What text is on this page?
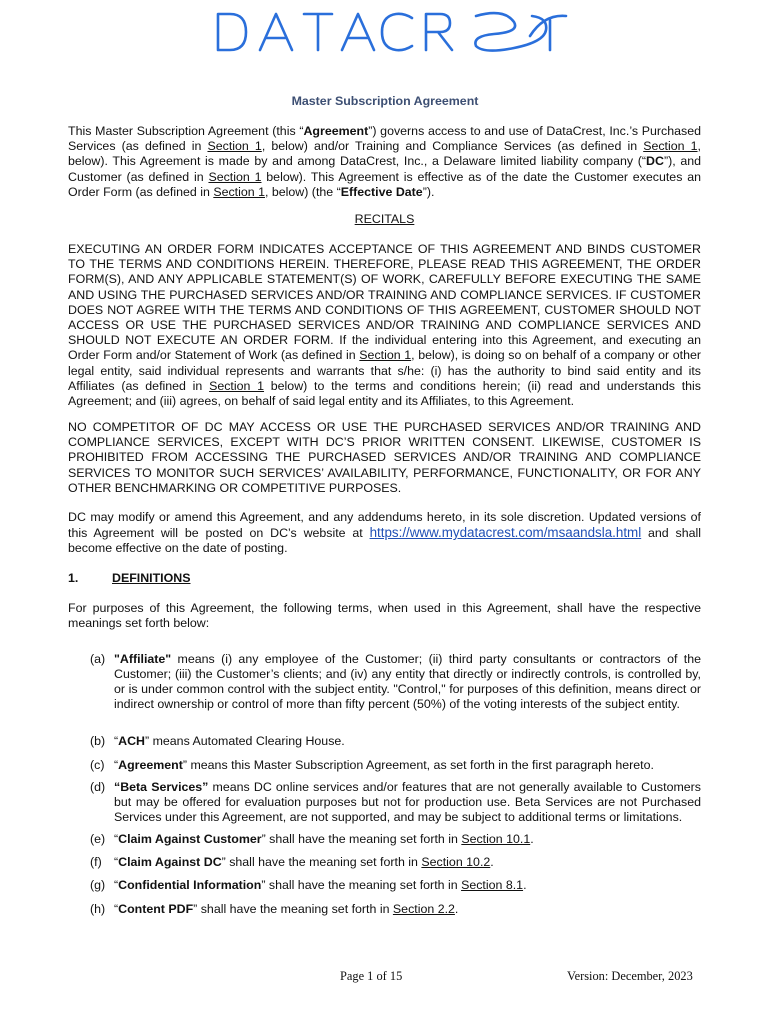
Master Subscription Agreement
This Master Subscription Agreement (this “Agreement”) governs access to and use of DataCrest, Inc.’s Purchased Services (as defined in Section 1, below) and/or Training and Compliance Services (as defined in Section 1, below). This Agreement is made by and among DataCrest, Inc., a Delaware limited liability company (“DC”), and Customer (as defined in Section 1 below). This Agreement is effective as of the date the Customer executes an Order Form (as defined in Section 1, below) (the “Effective Date”).
RECITALS
EXECUTING AN ORDER FORM INDICATES ACCEPTANCE OF THIS AGREEMENT AND BINDS CUSTOMER TO THE TERMS AND CONDITIONS HEREIN. THEREFORE, PLEASE READ THIS AGREEMENT, THE ORDER FORM(S), AND ANY APPLICABLE STATEMENT(S) OF WORK, CAREFULLY BEFORE EXECUTING THE SAME AND USING THE PURCHASED SERVICES AND/OR TRAINING AND COMPLIANCE SERVICES. IF CUSTOMER DOES NOT AGREE WITH THE TERMS AND CONDITIONS OF THIS AGREEMENT, CUSTOMER SHOULD NOT ACCESS OR USE THE PURCHASED SERVICES AND/OR TRAINING AND COMPLIANCE SERVICES AND SHOULD NOT EXECUTE AN ORDER FORM. If the individual entering into this Agreement, and executing an Order Form and/or Statement of Work (as defined in Section 1, below), is doing so on behalf of a company or other legal entity, said individual represents and warrants that s/he: (i) has the authority to bind said entity and its Affiliates (as defined in Section 1 below) to the terms and conditions herein; (ii) read and understands this Agreement; and (iii) agrees, on behalf of said legal entity and its Affiliates, to this Agreement.
NO COMPETITOR OF DC MAY ACCESS OR USE THE PURCHASED SERVICES AND/OR TRAINING AND COMPLIANCE SERVICES, EXCEPT WITH DC’S PRIOR WRITTEN CONSENT. LIKEWISE, CUSTOMER IS PROHIBITED FROM ACCESSING THE PURCHASED SERVICES AND/OR TRAINING AND COMPLIANCE SERVICES TO MONITOR SUCH SERVICES’ AVAILABILITY, PERFORMANCE, FUNCTIONALITY, OR FOR ANY OTHER BENCHMARKING OR COMPETITIVE PURPOSES.
DC may modify or amend this Agreement, and any addendums hereto, in its sole discretion. Updated versions of this Agreement will be posted on DC’s website at https://www.mydatacrest.com/msaandsla.html and shall become effective on the date of posting.
1.	DEFINITIONS
For purposes of this Agreement, the following terms, when used in this Agreement, shall have the respective meanings set forth below:
(a) "Affiliate" means (i) any employee of the Customer; (ii) third party consultants or contractors of the Customer; (iii) the Customer’s clients; and (iv) any entity that directly or indirectly controls, is controlled by, or is under common control with the subject entity. "Control," for purposes of this definition, means direct or indirect ownership or control of more than fifty percent (50%) of the voting interests of the subject entity.
(b) “ACH” means Automated Clearing House.
(c) “Agreement” means this Master Subscription Agreement, as set forth in the first paragraph hereto.
(d) “Beta Services” means DC online services and/or features that are not generally available to Customers but may be offered for evaluation purposes but not for production use. Beta Services are not Purchased Services under this Agreement, are not supported, and may be subject to additional terms or limitations.
(e) “Claim Against Customer” shall have the meaning set forth in Section 10.1.
(f) “Claim Against DC” shall have the meaning set forth in Section 10.2.
(g) “Confidential Information” shall have the meaning set forth in Section 8.1.
(h) “Content PDF” shall have the meaning set forth in Section 2.2.
Page 1 of 15	Version: December, 2023
